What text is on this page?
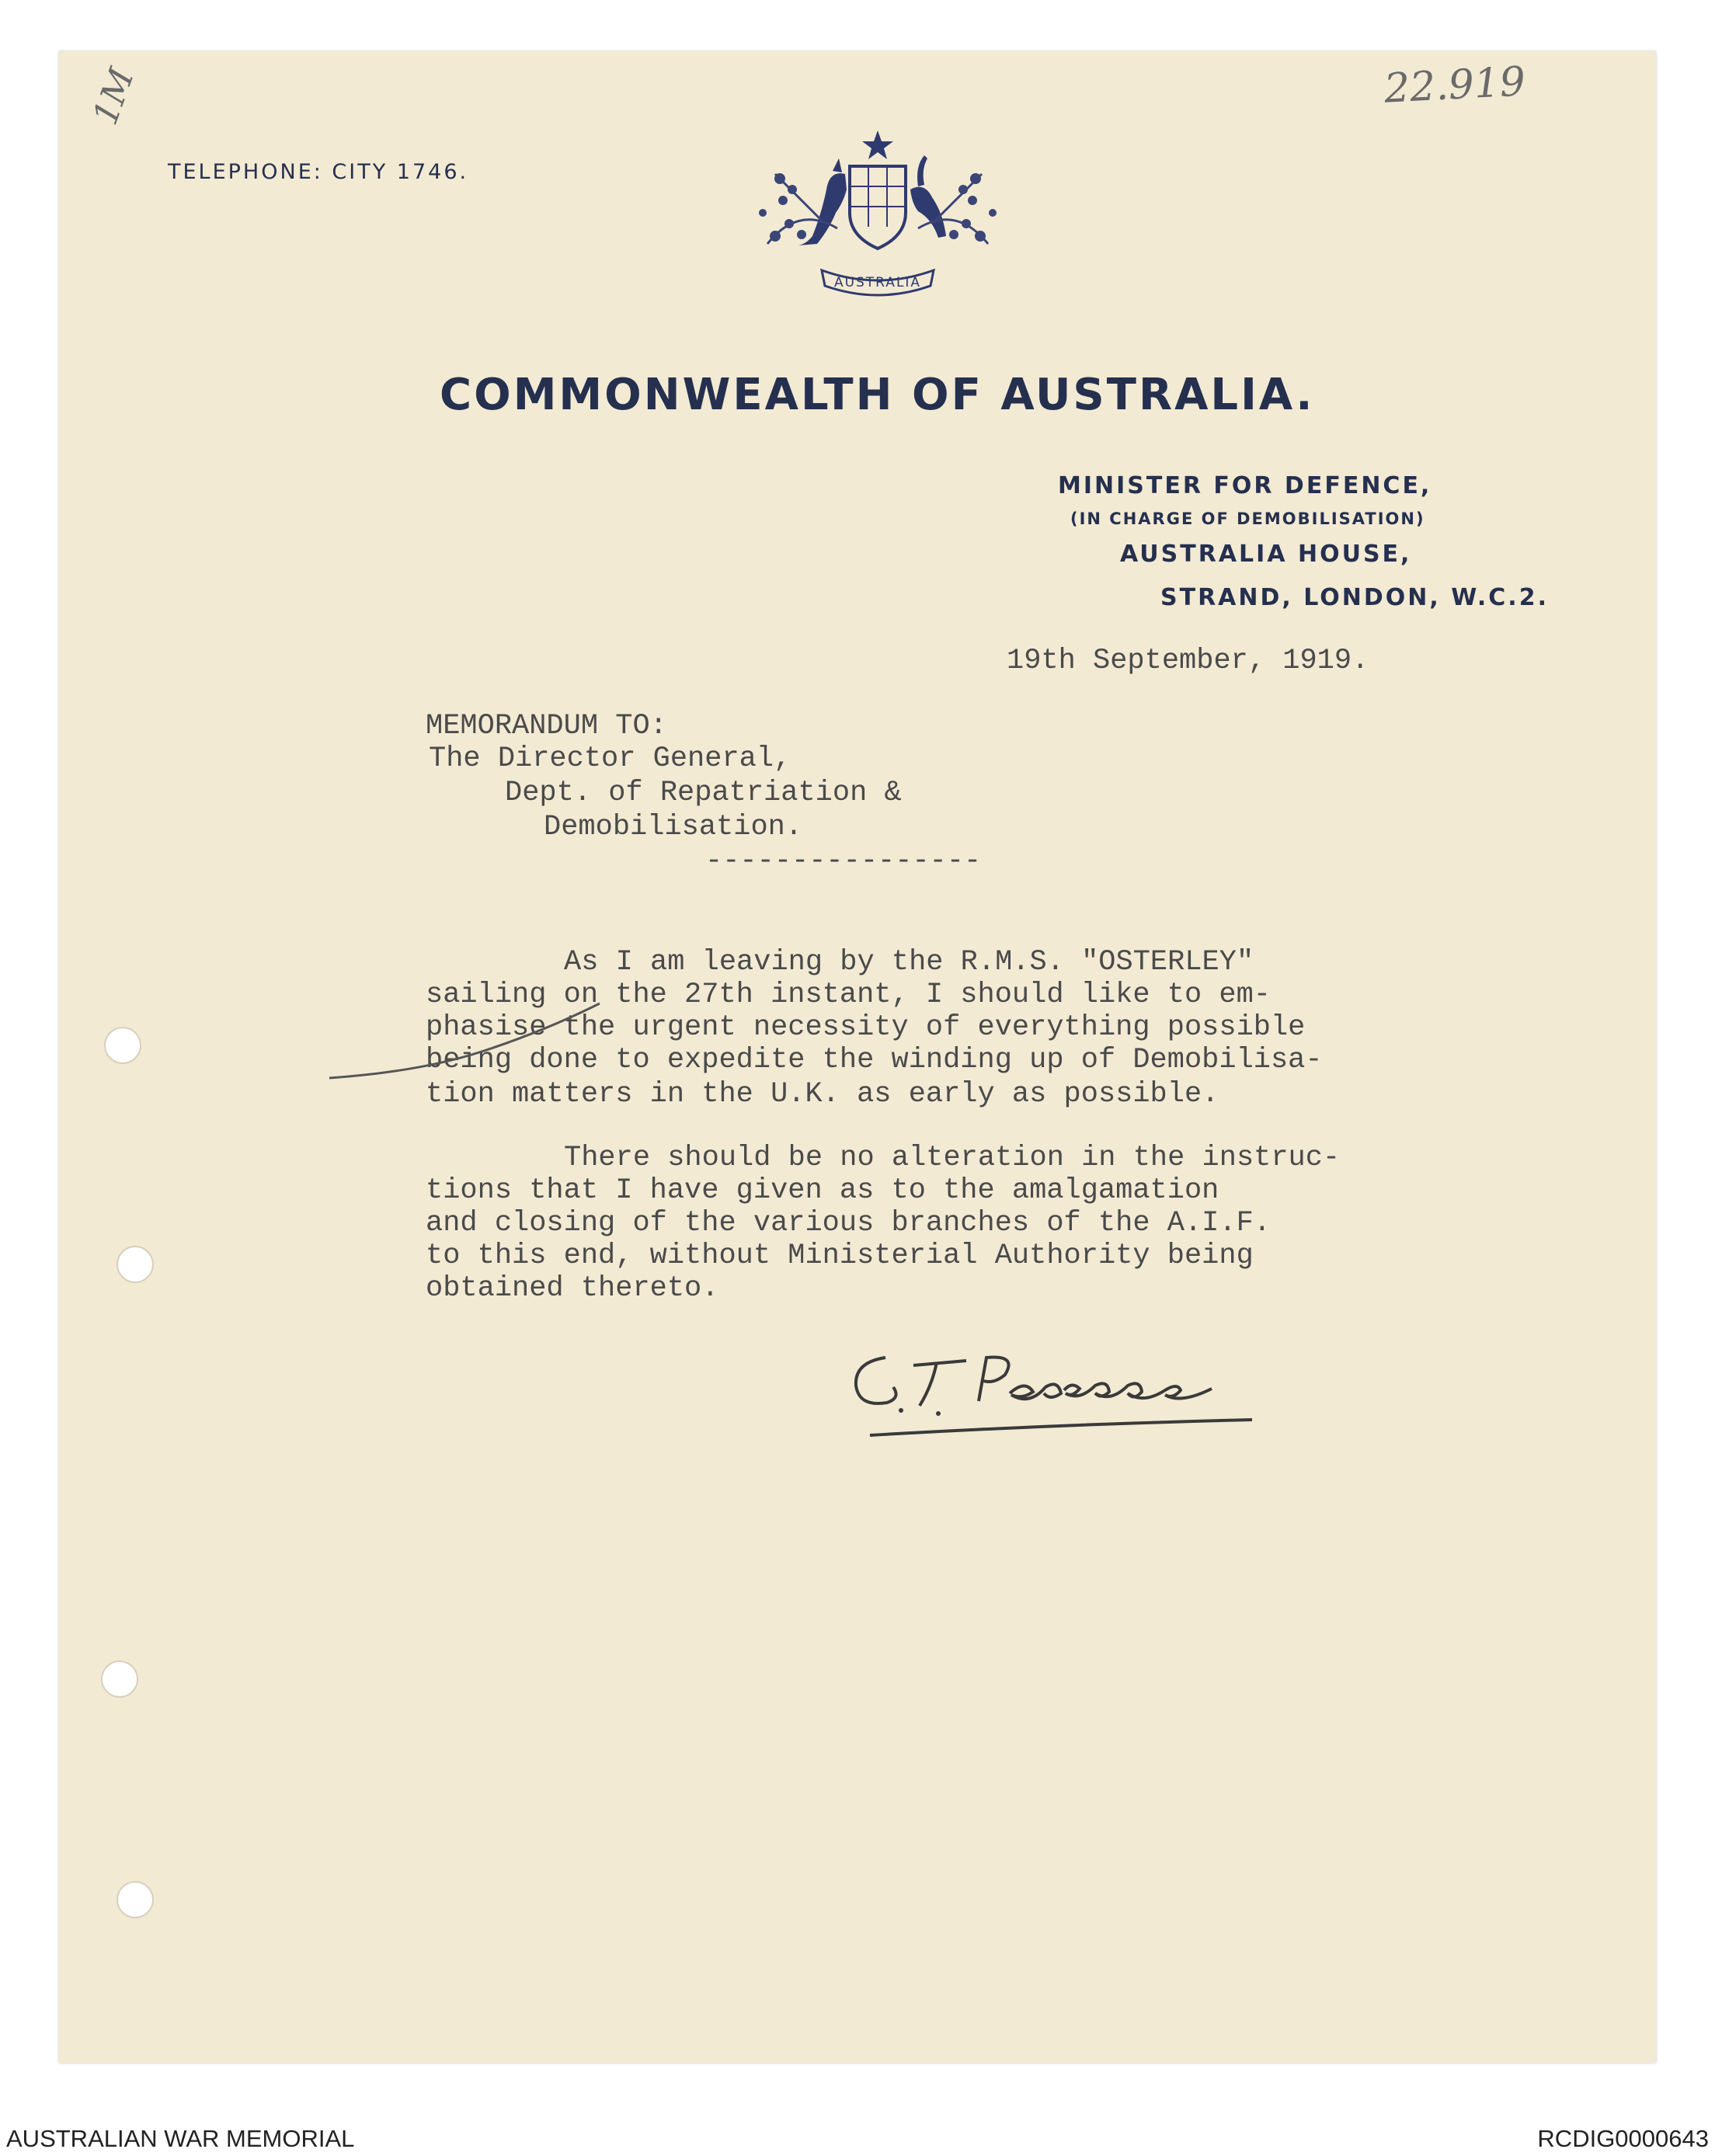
22.919
1M
TELEPHONE: CITY 1746.
AUSTRALIA
COMMONWEALTH OF AUSTRALIA.
MINISTER FOR DEFENCE,
(IN CHARGE OF DEMOBILISATION)
AUSTRALIA HOUSE,
STRAND, LONDON, W.C.2.
19th September, 1919.
MEMORANDUM TO:
The Director General,
Dept. of Repatriation &
Demobilisation.
----------------
As I am leaving by the R.M.S. "OSTERLEY"
sailing on the 27th instant, I should like to em-
phasise the urgent necessity of everything possible
being done to expedite the winding up of Demobilisa-
tion matters in the U.K. as early as possible.
There should be no alteration in the instruc-
tions that I have given as to the amalgamation
and closing of the various branches of the A.I.F.
to this end, without Ministerial Authority being
obtained thereto.
AUSTRALIAN WAR MEMORIAL	RCDIG0000643
